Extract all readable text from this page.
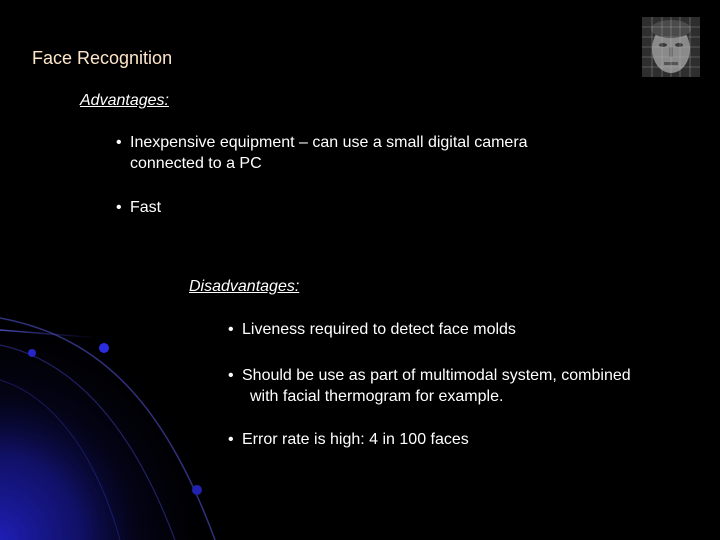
Face Recognition
Advantages:
• Inexpensive equipment – can use a small digital camera
connected to a PC
• Fast
Disadvantages:
• Liveness required to detect face molds
• Should be use as part of multimodal system, combined
with facial thermogram for example.
• Error rate is high: 4 in 100 faces
